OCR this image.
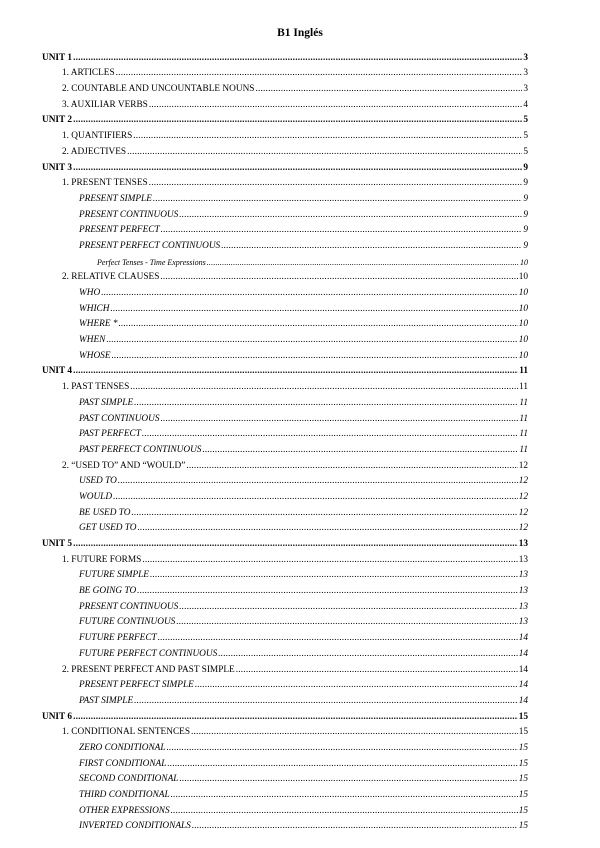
B1 Inglés
UNIT 1 .....	3
1. ARTICLES .....	3
2. COUNTABLE AND UNCOUNTABLE NOUNS .....	3
3. AUXILIAR VERBS .....	4
UNIT 2 .....	5
1. QUANTIFIERS .....	5
2. ADJECTIVES .....	5
UNIT 3 .....	9
1. PRESENT TENSES .....	9
PRESENT SIMPLE .....	9
PRESENT CONTINUOUS .....	9
PRESENT PERFECT .....	9
PRESENT PERFECT CONTINUOUS .....	9
Perfect Tenses - Time Expressions .....	10
2. RELATIVE CLAUSES .....	10
WHO .....	10
WHICH .....	10
WHERE * .....	10
WHEN .....	10
WHOSE .....	10
UNIT 4 .....	11
1. PAST TENSES .....	11
PAST SIMPLE .....	11
PAST CONTINUOUS .....	11
PAST PERFECT .....	11
PAST PERFECT CONTINUOUS .....	11
2. “USED TO” AND “WOULD” .....	12
USED TO .....	12
WOULD .....	12
BE USED TO .....	12
GET USED TO .....	12
UNIT 5 .....	13
1. FUTURE FORMS .....	13
FUTURE SIMPLE .....	13
BE GOING TO .....	13
PRESENT CONTINUOUS .....	13
FUTURE CONTINUOUS .....	13
FUTURE PERFECT .....	14
FUTURE PERFECT CONTINUOUS .....	14
2. PRESENT PERFECT AND PAST SIMPLE .....	14
PRESENT PERFECT SIMPLE .....	14
PAST SIMPLE .....	14
UNIT 6 .....	15
1. CONDITIONAL SENTENCES .....	15
ZERO CONDITIONAL .....	15
FIRST CONDITIONAL .....	15
SECOND CONDITIONAL .....	15
THIRD CONDITIONAL .....	15
OTHER EXPRESSIONS .....	15
INVERTED CONDITIONALS .....	15
